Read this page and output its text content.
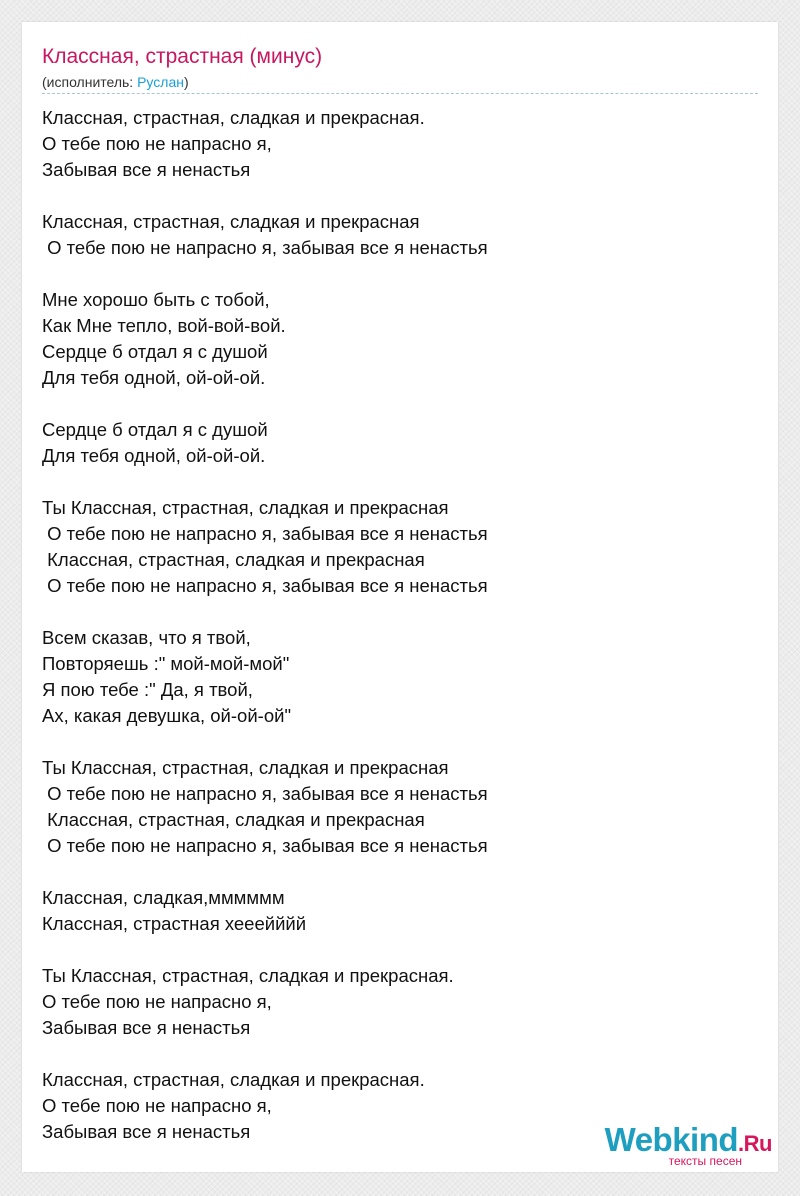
Классная, страстная (минус)
(исполнитель: Руслан)
Классная, страстная, сладкая и прекрасная.
О тебе пою не напрасно я,
Забывая все я ненастья
Классная, страстная, сладкая и прекрасная
О тебе пою не напрасно я, забывая все я ненастья
Мне хорошо быть с тобой,
Как Мне тепло, вой-вой-вой.
Сердце б отдал я с душой
Для тебя одной, ой-ой-ой.
Сердце б отдал я с душой
Для тебя одной, ой-ой-ой.
Ты Классная, страстная, сладкая и прекрасная
О тебе пою не напрасно я, забывая все я ненастья
Классная, страстная, сладкая и прекрасная
О тебе пою не напрасно я, забывая все я ненастья
Всем сказав, что я твой,
Повторяешь :" мой-мой-мой"
Я пою тебе :" Да, я твой,
Ах, какая девушка, ой-ой-ой"
Ты Классная, страстная, сладкая и прекрасная
О тебе пою не напрасно я, забывая все я ненастья
Классная, страстная, сладкая и прекрасная
О тебе пою не напрасно я, забывая все я ненастья
Классная, сладкая,мммммм
Классная, страстная хееейййй
Ты Классная, страстная, сладкая и прекрасная.
О тебе пою не напрасно я,
Забывая все я ненастья
Классная, страстная, сладкая и прекрасная.
О тебе пою не напрасно я,
Забывая все я ненастья	Webkind.Ru
тексты песен
